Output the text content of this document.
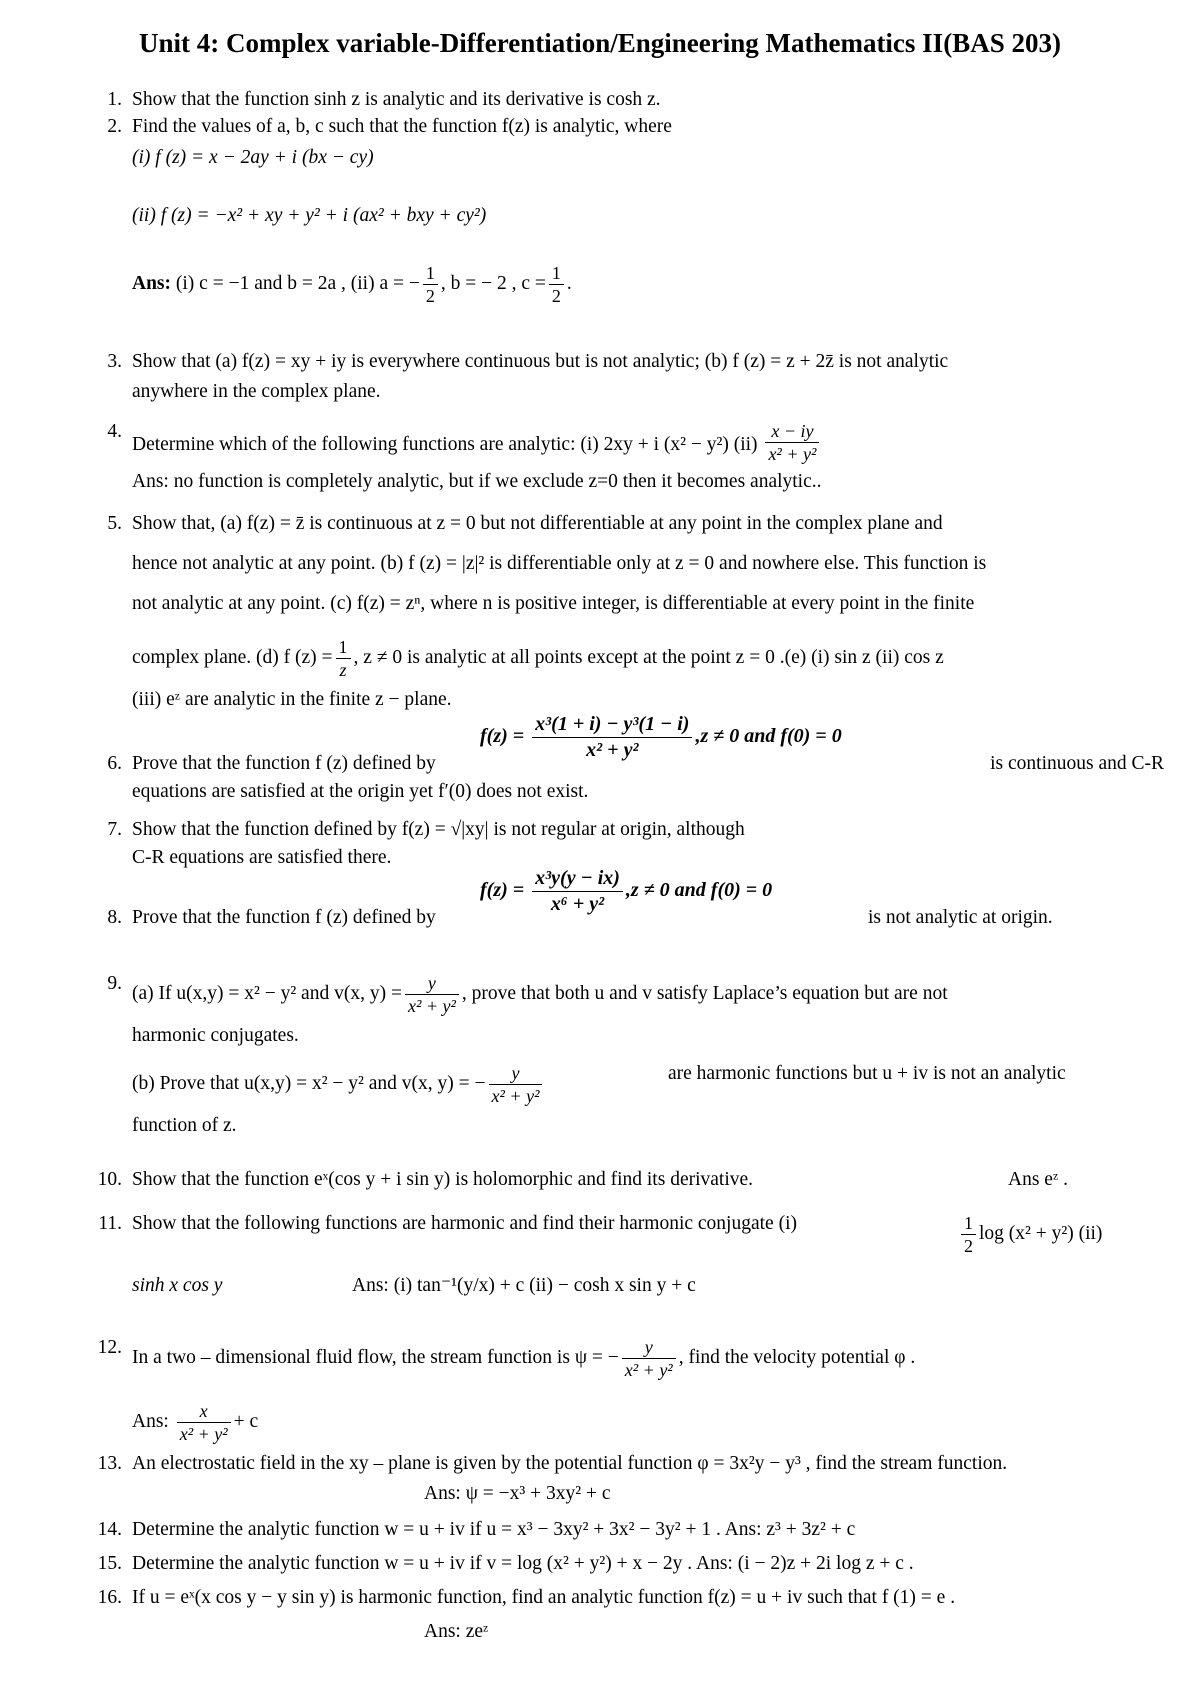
Unit 4: Complex variable-Differentiation/Engineering Mathematics II(BAS 203)
1. Show that the function sinh z is analytic and its derivative is cosh z.
2. Find the values of a, b, c such that the function f(z) is analytic, where
(i) f (z) = x − 2ay + i (bx − cy)
(ii) f (z) = −x² + xy + y² + i (ax² + bxy + cy²)
Ans: (i) c = −1 and b = 2a , (ii) a = − $\frac{1}{2}$ , b = − 2 , $c = \frac{1}{2}$ .
3. Show that (a) f(z) = xy + iy is everywhere continuous but is not analytic; (b) f (z) = z + 2z̄ is not analytic
anywhere in the complex plane.
4.
Determine which of the following functions are analytic: (i) 2xy + i (x² − y²) $(ii) \frac{x - iy}{\text{x² + y²}}$
Ans: no function is completely analytic, but if we exclude z=0 then it becomes analytic..
5. Show that, (a) f(z) = z̄ is continuous at z = 0 but not differentiable at any point in the complex plane and
hence not analytic at any point. (b) f (z) = |z|² is differentiable only at z = 0 and nowhere else. This function is
not analytic at any point. (c) f(z) = zⁿ, where n is positive integer, is differentiable at every point in the finite
complex plane. (d) f $(z) = \frac{1}{z}$ , z ≠ 0 is analytic at all points except at the point z = 0 .(e) (i) sin z (ii) cos z
(iii) eᶻ are analytic in the finite z − plane.
$f(z) = \frac{\text{x³(1 + i) − y³(1 − i)}}{\text{x² + y²}} ,z \ne 0$ and f(0) = 0
6. Prove that the function f (z) defined by	is continuous and C-R
equations are satisfied at the origin yet f′(0) does not exist.
7. Show that the function defined by f(z) = √|xy| is not regular at origin, although
C-R equations are satisfied there.
$f(z) = \frac{\text{x³y(y − ix)}}{\text{x⁶ + y²}} ,z \ne 0$ and f(0) = 0
8. Prove that the function f (z) defined by	is not analytic at origin.
9. (a) If u(x,y) = x² − y² and v(x, $y) = \frac{y}{\text{x² + y²}}$ , prove that both u and v satisfy Laplace’s equation but are not
harmonic conjugates.
(b) Prove that u(x,y) = x² − y² and v(x, y) = − $\frac{y}{\text{x² + y²}}$	are harmonic functions but u + iv is not an analytic
function of z.
10. Show that the function eˣ(cos y + i sin y) is holomorphic and find its derivative.	Ans eᶻ .
11. Show that the following functions are harmonic and find their harmonic conjugate (i)	$\frac{1}{2}$ log (x² + y²) (ii)
sinh x cos y	Ans: (i) tan⁻¹(y/x) + c (ii) − cosh x sin y + c
12. In a two – dimensional fluid flow, the stream function is ψ = − $\frac{y}{\text{x² + y²}}$ , find the velocity potential φ .
Ans: $\frac{x}{\text{x² + y²}} + c$
13. An electrostatic field in the xy – plane is given by the potential function φ = 3x²y − y³ , find the stream function.
Ans: ψ = −x³ + 3xy² + c
14. Determine the analytic function w = u + iv if u = x³ − 3xy² + 3x² − 3y² + 1 . Ans: z³ + 3z² + c
15. Determine the analytic function w = u + iv if v = log (x² + y²) + x − 2y . Ans: (i − 2)z + 2i log z + c .
16. If u = eˣ(x cos y − y sin y) is harmonic function, find an analytic function f(z) = u + iv such that f (1) = e .
Ans: zeᶻ
